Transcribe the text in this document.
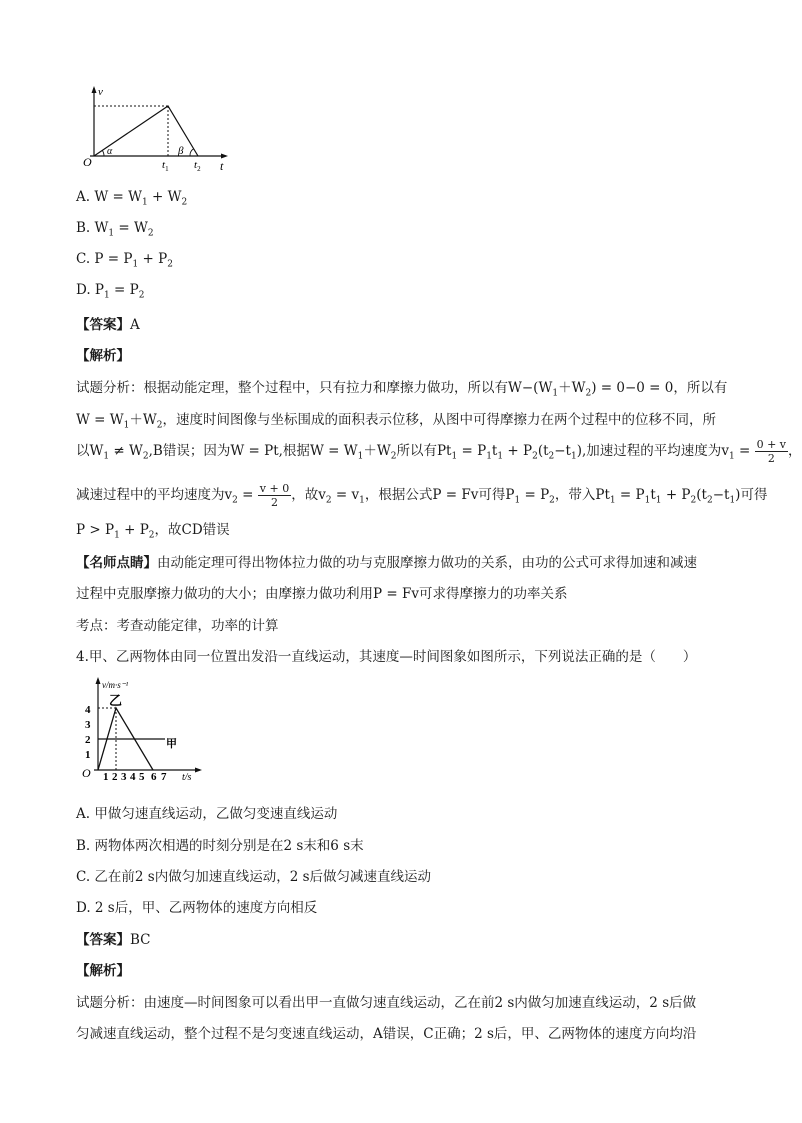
v
O
α	β
$t_1$ $t_2$ t
A. $W = W_1 + W_2$
B. $W_1 = W_2$
C. $P = P_1 + P_2$
D. $P_1 = P_2$
【答案】A
【解析】
试题分析：根据动能定理，整个过程中，只有拉力和摩擦力做功，所以有$W-(W_1+W_2) = 0-0 = 0$，所以有
$W = W_1+W_2$，速度时间图像与坐标围成的面积表示位移，从图中可得摩擦力在两个过程中的位移不同，所
以$W_1 \ne W_2,B$错误；因为W = Pt,根据$W = W_1+W_2$所以有$Pt_1 = P_1t_1 + P_2(t_2-t_1)$,加速过程的平均速度为$v_1 = \frac{0 + v}{2}$ ，
减速过程中的平均速度为$v_2 = \frac{v + 0}{2}$ ，故$v_2 = v_1$，根据公式P = Fv可得$P_1 = P_2$，带入$Pt_1 = P_1t_1 + P_2(t_2-t_1)$可得
$P > P_1 + P_2$，故CD错误
【名师点睛】由动能定理可得出物体拉力做的功与克服摩擦力做功的关系，由功的公式可求得加速和减速
过程中克服摩擦力做功的大小；由摩擦力做功利用P = Fv可求得摩擦力的功率关系
考点：考查动能定律，功率的计算
4.甲、乙两物体由同一位置出发沿一直线运动，其速度—时间图象如图所示，下列说法正确的是（　　）
v/m·s⁻¹
乙
甲
4
3
2
1
O 1 2 3 4 5 6 7 t/s
A. 甲做匀速直线运动，乙做匀变速直线运动
B. 两物体两次相遇的时刻分别是在2 s末和6 s末
C. 乙在前2 s内做匀加速直线运动，2 s后做匀减速直线运动
D. 2 s后，甲、乙两物体的速度方向相反
【答案】BC
【解析】
试题分析：由速度—时间图象可以看出甲一直做匀速直线运动，乙在前2 s内做匀加速直线运动，2 s后做
匀减速直线运动，整个过程不是匀变速直线运动，A错误，C正确；2 s后，甲、乙两物体的速度方向均沿
